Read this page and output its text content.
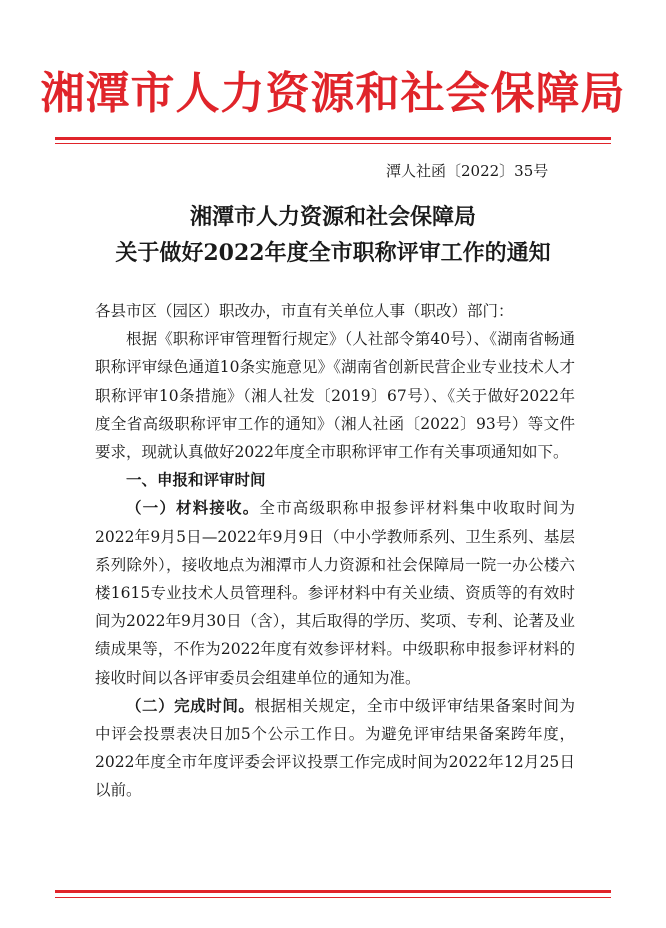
湘潭市人力资源和社会保障局
潭人社函〔2022〕35号
湘潭市人力资源和社会保障局
关于做好2022年度全市职称评审工作的通知

各县市区（园区）职改办，市直有关单位人事（职改）部门：

根据《职称评审管理暂行规定》（人社部令第40号）、《湖南省畅通职称评审绿色通道10条实施意见》《湖南省创新民营企业专业技术人才职称评审10条措施》（湘人社发〔2019〕67号）、《关于做好2022年度全省高级职称评审工作的通知》（湘人社函〔2022〕93号）等文件要求，现就认真做好2022年度全市职称评审工作有关事项通知如下。

一、申报和评审时间

（一）材料接收。全市高级职称申报参评材料集中收取时间为2022年9月5日—2022年9月9日（中小学教师系列、卫生系列、基层系列除外），接收地点为湘潭市人力资源和社会保障局一院一办公楼六楼1615专业技术人员管理科。参评材料中有关业绩、资质等的有效时间为2022年9月30日（含），其后取得的学历、奖项、专利、论著及业绩成果等，不作为2022年度有效参评材料。中级职称申报参评材料的接收时间以各评审委员会组建单位的通知为准。

（二）完成时间。根据相关规定，全市中级评审结果备案时间为中评会投票表决日加5个公示工作日。为避免评审结果备案跨年度，2022年度全市年度评委会评议投票工作完成时间为2022年12月25日以前。
